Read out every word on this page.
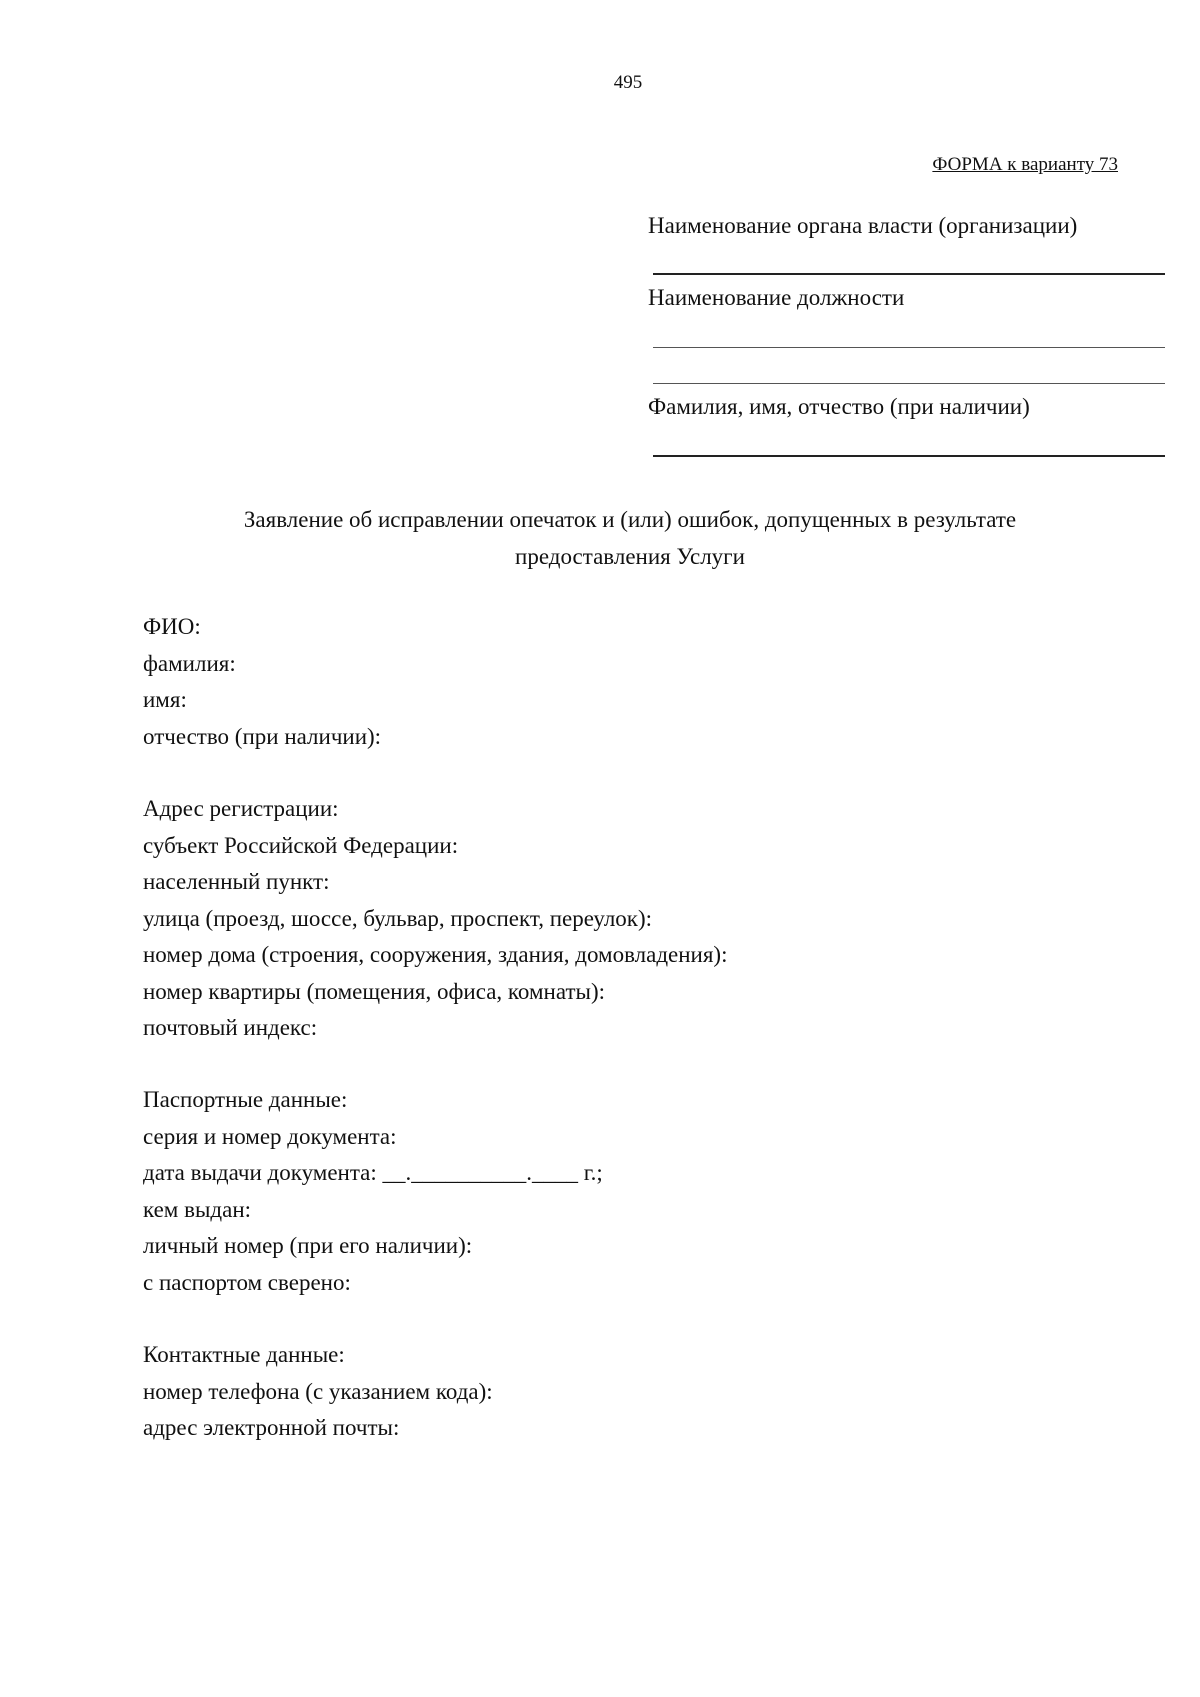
495
ФОРМА к варианту 73
Наименование органа власти (организации)
Наименование должности
Фамилия, имя, отчество (при наличии)
Заявление об исправлении опечаток и (или) ошибок, допущенных в результате
предоставления Услуги
ФИО:
фамилия:
имя:
отчество (при наличии):
Адрес регистрации:
субъект Российской Федерации:
населенный пункт:
улица (проезд, шоссе, бульвар, проспект, переулок):
номер дома (строения, сооружения, здания, домовладения):
номер квартиры (помещения, офиса, комнаты):
почтовый индекс:
Паспортные данные:
серия и номер документа:
дата выдачи документа: __.__________.____ г.;
кем выдан:
личный номер (при его наличии):
с паспортом сверено:
Контактные данные:
номер телефона (с указанием кода):
адрес электронной почты:
